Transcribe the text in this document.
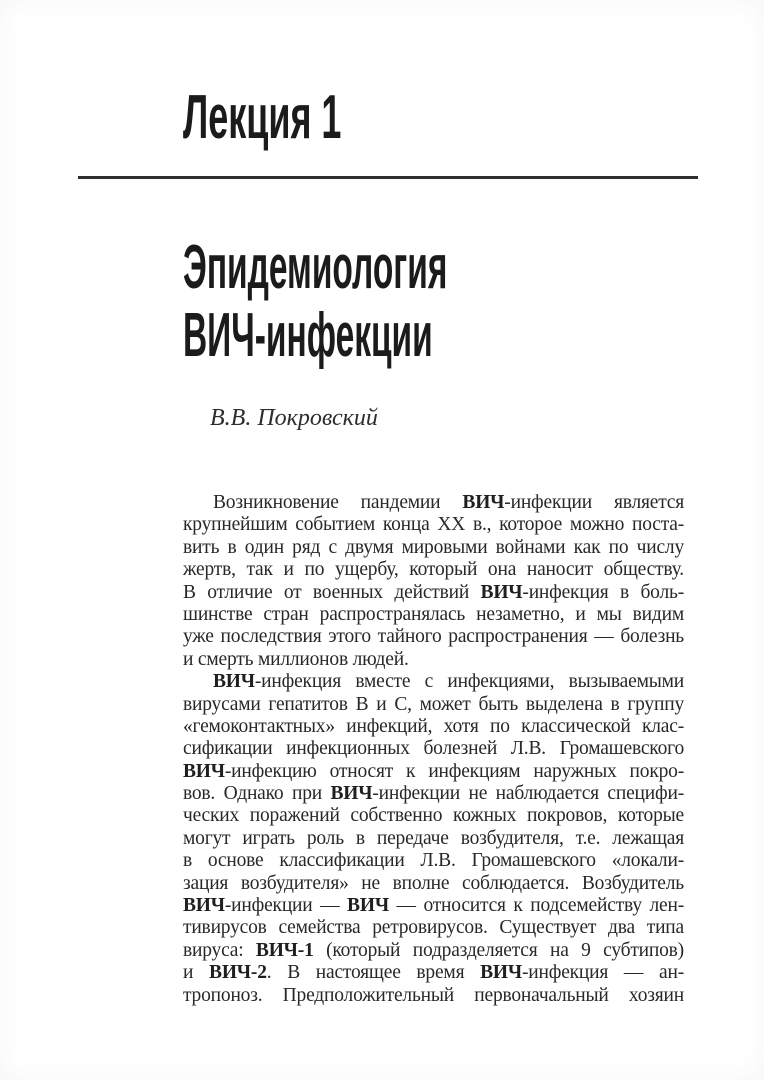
Лекция 1
Эпидемиология
ВИЧ-инфекции
В.В. Покровский
Возникновение пандемии ВИЧ-инфекции является
крупнейшим событием конца XX в., которое можно поста-
вить в один ряд с двумя мировыми войнами как по числу
жертв, так и по ущербу, который она наносит обществу.
В отличие от военных действий ВИЧ-инфекция в боль-
шинстве стран распространялась незаметно, и мы видим
уже последствия этого тайного распространения — болезнь
и смерть миллионов людей.
ВИЧ-инфекция вместе с инфекциями, вызываемыми
вирусами гепатитов B и C, может быть выделена в группу
«гемоконтактных» инфекций, хотя по классической клас-
сификации инфекционных болезней Л.В. Громашевского
ВИЧ-инфекцию относят к инфекциям наружных покро-
вов. Однако при ВИЧ-инфекции не наблюдается специфи-
ческих поражений собственно кожных покровов, которые
могут играть роль в передаче возбудителя, т.е. лежащая
в основе классификации Л.В. Громашевского «локали-
зация возбудителя» не вполне соблюдается. Возбудитель
ВИЧ-инфекции — ВИЧ — относится к подсемейству лен-
тивирусов семейства ретровирусов. Существует два типа
вируса: ВИЧ-1 (который подразделяется на 9 субтипов)
и ВИЧ-2. В настоящее время ВИЧ-инфекция — ан-
тропоноз. Предположительный первоначальный хозяин
